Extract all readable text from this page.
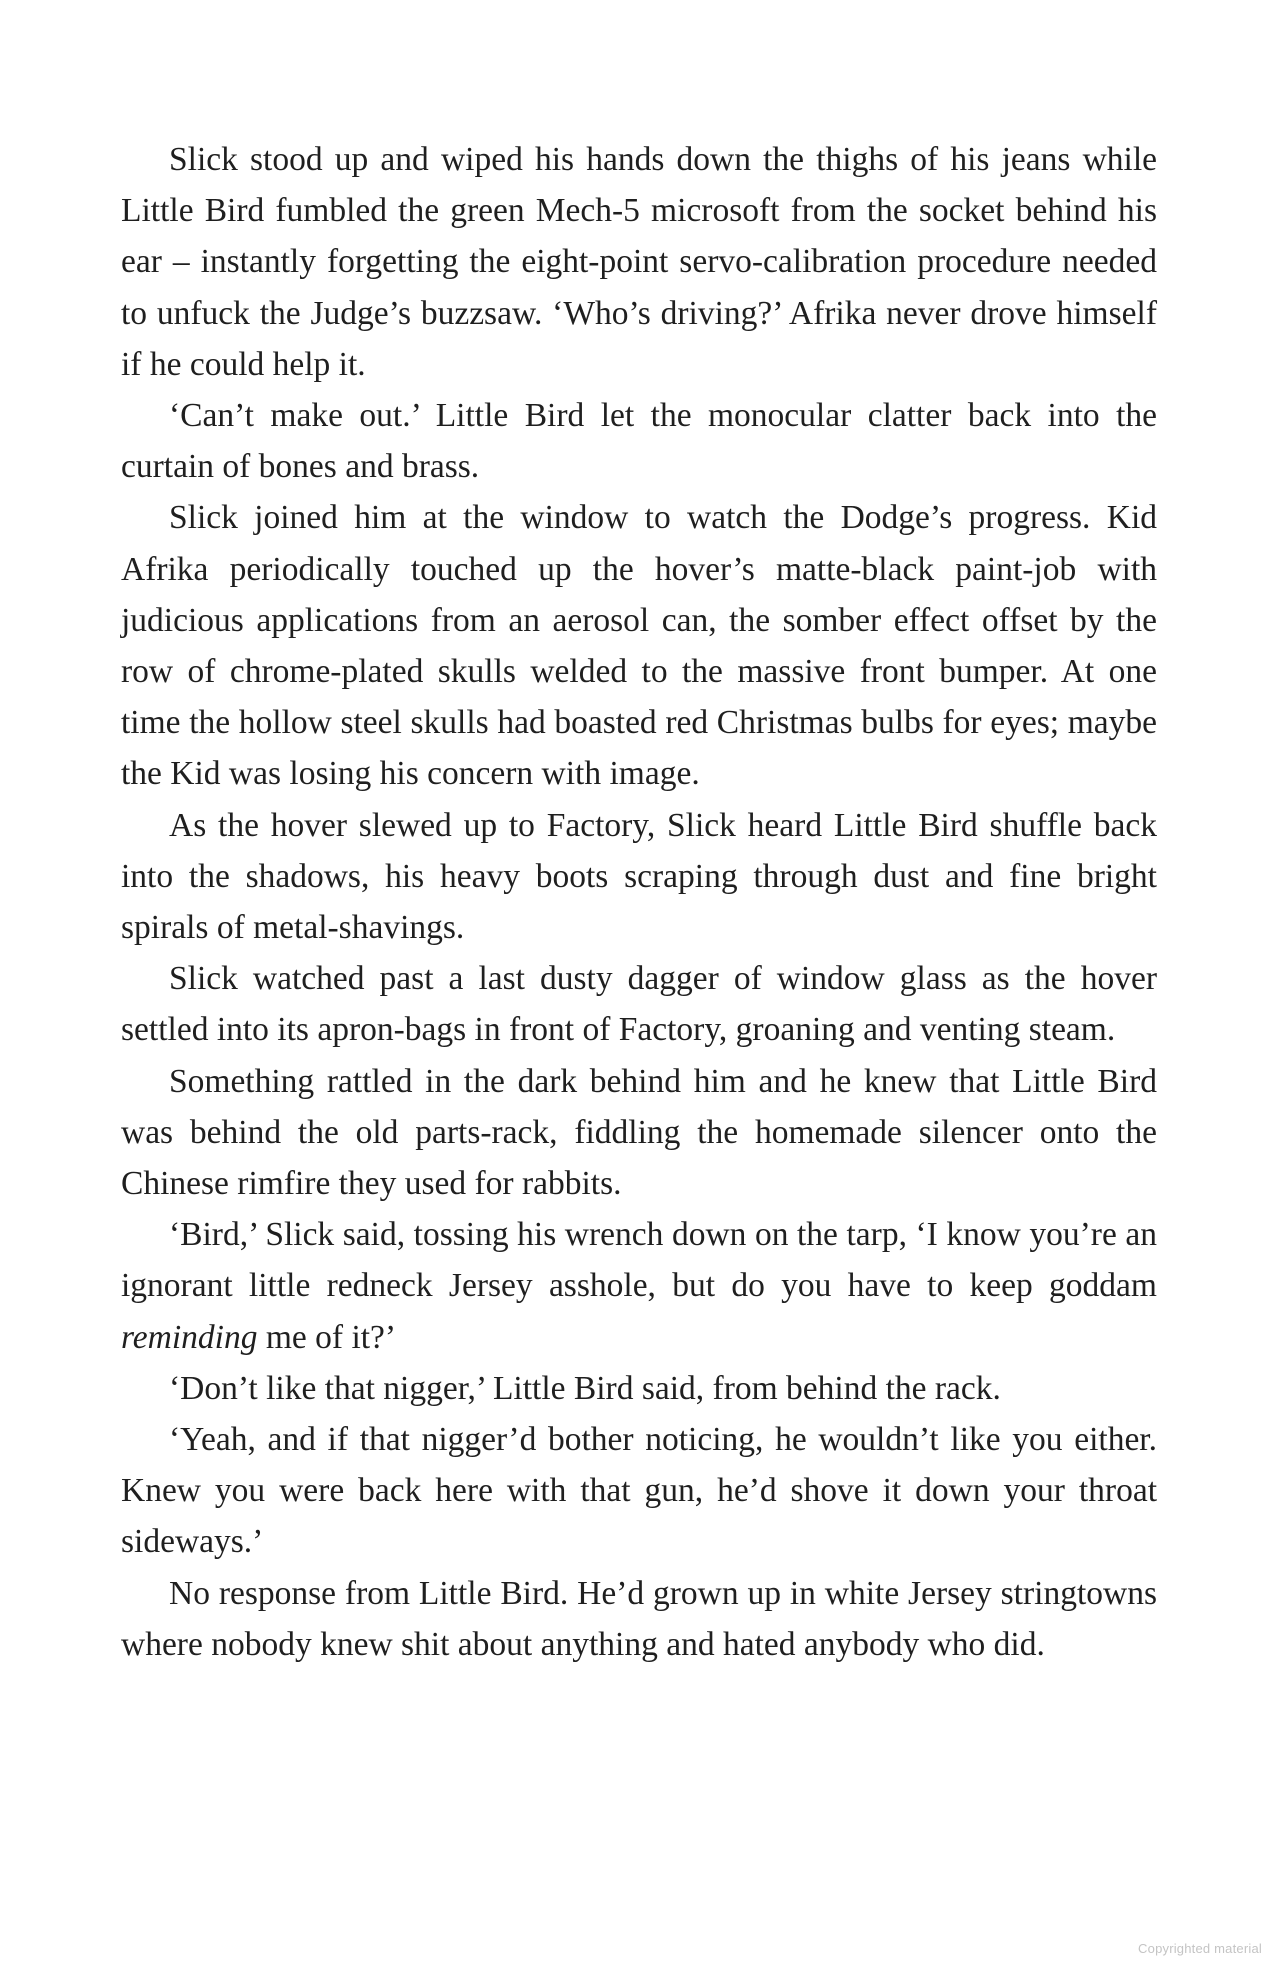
Slick stood up and wiped his hands down the thighs of his jeans while Little Bird fumbled the green Mech-5 microsoft from the socket behind his ear – instantly forgetting the eight-point servo-calibration procedure needed to unfuck the Judge’s buzzsaw. ‘Who’s driving?’ Afrika never drove himself if he could help it.

‘Can’t make out.’ Little Bird let the monocular clatter back into the curtain of bones and brass.

Slick joined him at the window to watch the Dodge’s progress. Kid Afrika periodically touched up the hover’s matte-black paint-job with judicious applications from an aerosol can, the somber effect offset by the row of chrome-plated skulls welded to the massive front bumper. At one time the hollow steel skulls had boasted red Christmas bulbs for eyes; maybe the Kid was losing his concern with image.

As the hover slewed up to Factory, Slick heard Little Bird shuffle back into the shadows, his heavy boots scraping through dust and fine bright spirals of metal-shavings.

Slick watched past a last dusty dagger of window glass as the hover settled into its apron-bags in front of Factory, groaning and venting steam.

Something rattled in the dark behind him and he knew that Little Bird was behind the old parts-rack, fiddling the homemade silencer onto the Chinese rimfire they used for rabbits.

‘Bird,’ Slick said, tossing his wrench down on the tarp, ‘I know you’re an ignorant little redneck Jersey asshole, but do you have to keep goddam reminding me of it?’

‘Don’t like that nigger,’ Little Bird said, from behind the rack.

‘Yeah, and if that nigger’d bother noticing, he wouldn’t like you either. Knew you were back here with that gun, he’d shove it down your throat sideways.’

No response from Little Bird. He’d grown up in white Jersey stringtowns where nobody knew shit about anything and hated anybody who did.

Copyrighted material
